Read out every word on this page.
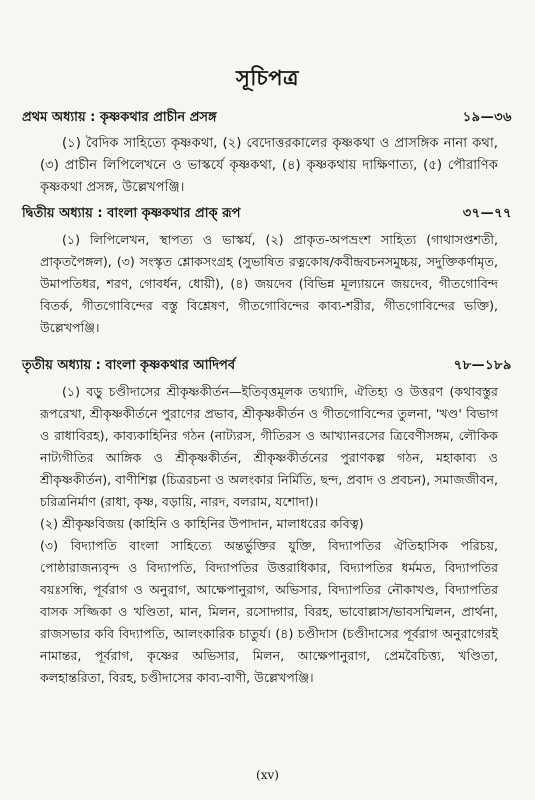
সূচিপত্র
প্রথম অধ্যায় : কৃষ্ণকথার প্রাচীন প্রসঙ্গ	১৯—৩৬
(১) বৈদিক সাহিত্যে কৃষ্ণকথা, (২) বেদোত্তরকালের কৃষ্ণকথা ও প্রাসঙ্গিক নানা কথা, (৩) প্রাচীন লিপিলেখনে ও ভাস্কর্যে কৃষ্ণকথা, (৪) কৃষ্ণকথায় দাক্ষিণাত্য, (৫) পৌরাণিক কৃষ্ণকথা প্রসঙ্গ, উল্লেখপঞ্জি।
দ্বিতীয় অধ্যায় : বাংলা কৃষ্ণকথার প্রাক্ রূপ	৩৭—৭৭
(১) লিপিলেখন, স্থাপত্য ও ভাস্কর্য, (২) প্রাকৃত-অপভ্রংশ সাহিত্য (গাথাসপ্তশতী, প্রাকৃতপৈঙ্গল), (৩) সংস্কৃত শ্লোকসংগ্রহ (সুভাষিত রত্নকোষ/কবীন্দ্রবচনসমুচ্চয়, সদুক্তিকর্ণামৃত, উমাপতিধর, শরণ, গোবর্ধন, ধোয়ী), (৪) জয়দেব (বিভিন্ন মূল্যায়নে জয়দেব, গীতগোবিন্দ বিতর্ক, গীতগোবিন্দের বস্তু বিশ্লেষণ, গীতগোবিন্দের কাব্য-শরীর, গীতগোবিন্দের ভক্তি), উল্লেখপঞ্জি।
তৃতীয় অধ্যায় : বাংলা কৃষ্ণকথার আদিপর্ব	৭৮—১৮৯
(১) বড়ু চণ্ডীদাসের শ্রীকৃষ্ণকীর্তন—ইতিবৃত্তমূলক তথ্যাদি, ঐতিহ্য ও উত্তরণ (কথাবস্তুর রূপরেখা, শ্রীকৃষ্ণকীর্তনে পুরাণের প্রভাব, শ্রীকৃষ্ণকীর্তন ও গীতগোবিন্দের তুলনা, 'খণ্ড' বিভাগ ও রাধাবিরহ), কাব্যকাহিনির গঠন (নাট্যরস, গীতিরস ও আখ্যানরসের ত্রিবেণীসঙ্গম, লৌকিক নাট্যগীতির আঙ্গিক ও শ্রীকৃষ্ণকীর্তন, শ্রীকৃষ্ণকীর্তনের পুরাণকল্প গঠন, মহাকাব্য ও শ্রীকৃষ্ণকীর্তন), বাণীশিল্প (চিত্ররচনা ও অলংকার নির্মিতি, ছন্দ, প্রবাদ ও প্রবচন), সমাজজীবন, চরিত্রনির্মাণ (রাধা, কৃষ্ণ, বড়ায়ি, নারদ, বলরাম, যশোদা)।
(২) শ্রীকৃষ্ণবিজয় (কাহিনি ও কাহিনির উপাদান, মালাধরের কবিত্ব)
(৩) বিদ্যাপতি বাংলা সাহিত্যে অন্তর্ভুক্তির যুক্তি, বিদ্যাপতির ঐতিহাসিক পরিচয়, পোষ্ঠারাজন্যবৃন্দ ও বিদ্যাপতি, বিদ্যাপতির উত্তরাধিকার, বিদ্যাপতির ধর্মমত, বিদ্যাপতির বয়ঃসন্ধি, পূর্বরাগ ও অনুরাগ, আক্ষেপানুরাগ, অভিসার, বিদ্যাপতির নৌকাখণ্ড, বিদ্যাপতির বাসক সজ্জিকা ও খণ্ডিতা, মান, মিলন, রসোদ্গার, বিরহ, ভাবোল্লাস/ভাবসম্মিলন, প্রার্থনা, রাজসভার কবি বিদ্যাপতি, আলংকারিক চাতুর্য। (৪) চণ্ডীদাস (চণ্ডীদাসের পূর্বরাগ অনুরাগেরই নামান্তর, পূর্বরাগ, কৃষ্ণের অভিসার, মিলন, আক্ষেপানুরাগ, প্রেমবৈচিত্ত্য, খণ্ডিতা, কলহান্তরিতা, বিরহ, চণ্ডীদাসের কাব্য-বাণী, উল্লেখপঞ্জি।
(xv)
